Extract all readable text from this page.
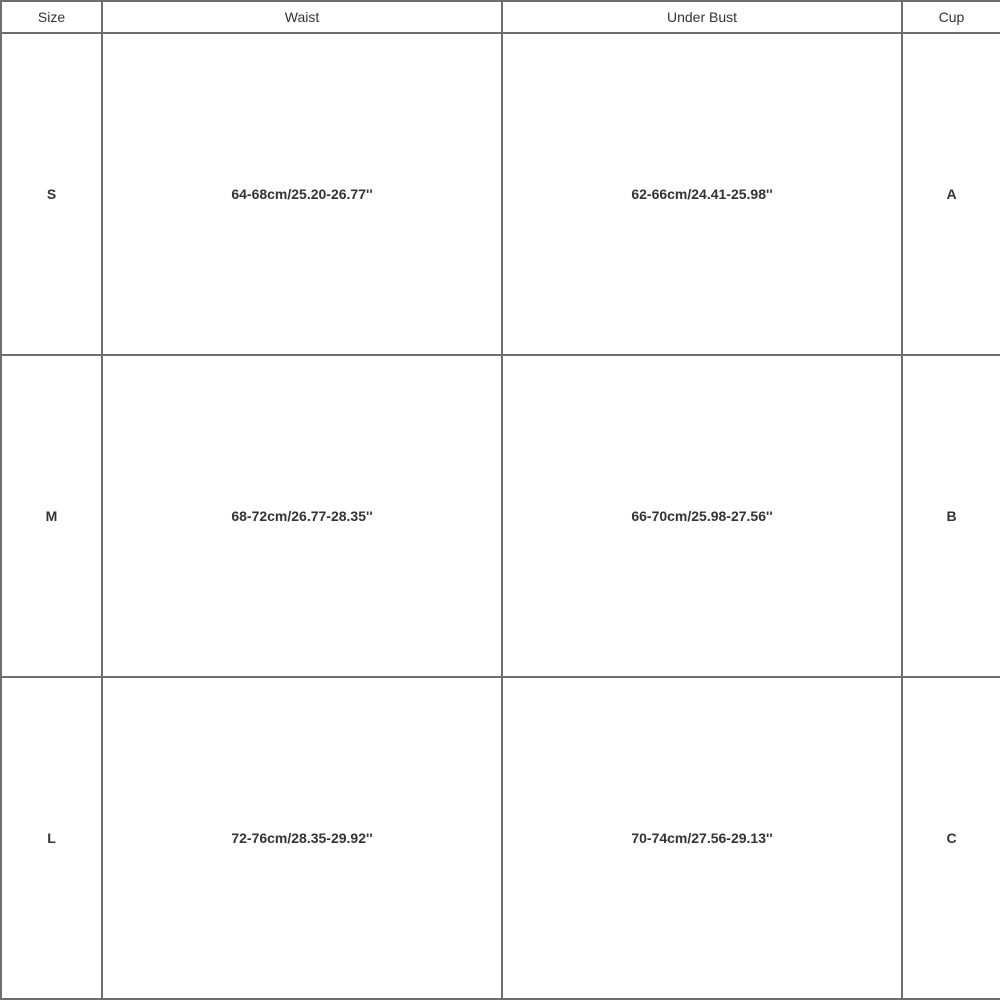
Size	Waist	Under Bust	Cup
S	64-68cm/25.20-26.77''	62-66cm/24.41-25.98''	A
M	68-72cm/26.77-28.35''	66-70cm/25.98-27.56''	B
L	72-76cm/28.35-29.92''	70-74cm/27.56-29.13''	C
